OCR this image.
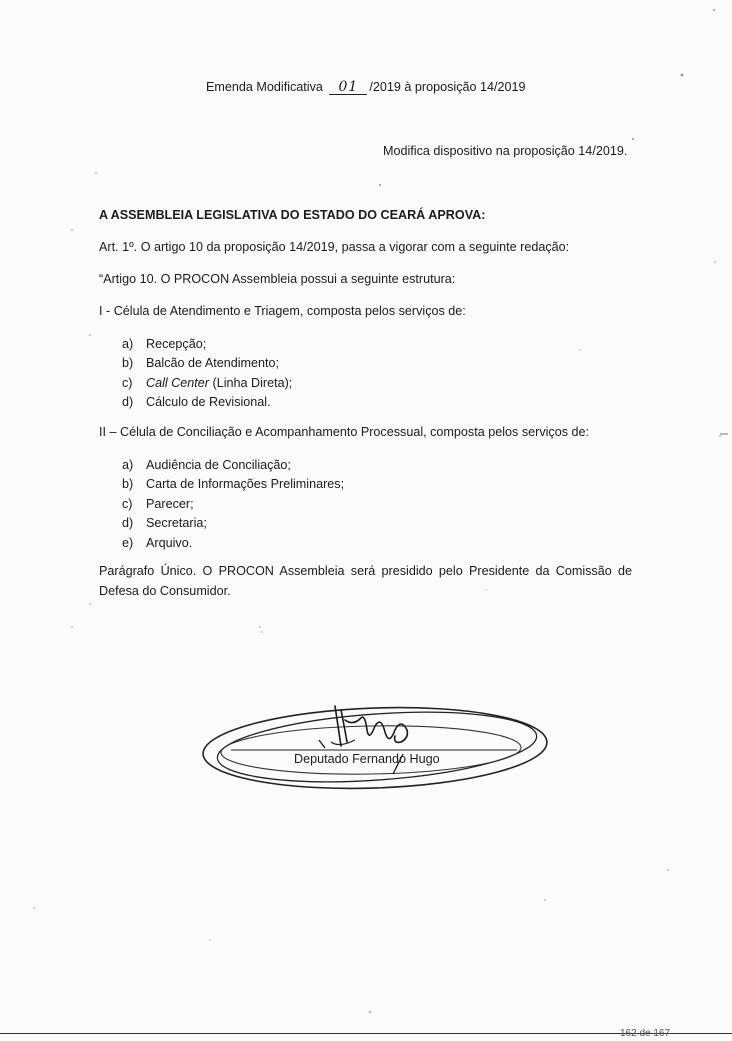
Emenda Modificativa 01 /2019 à proposição 14/2019
Modifica dispositivo na proposição 14/2019.
A ASSEMBLEIA LEGISLATIVA DO ESTADO DO CEARÁ APROVA:
Art. 1º. O artigo 10 da proposição 14/2019, passa a vigorar com a seguinte redação:
“Artigo 10. O PROCON Assembleia possui a seguinte estrutura:
I - Célula de Atendimento e Triagem, composta pelos serviços de:
a) Recepção;
b) Balcão de Atendimento;
c) Call Center (Linha Direta);
d) Cálculo de Revisional.
II – Célula de Conciliação e Acompanhamento Processual, composta pelos serviços de:
a) Audiência de Conciliação;
b) Carta de Informações Preliminares;
c) Parecer;
d) Secretaria;
e) Arquivo.
Parágrafo Único. O PROCON Assembleia será presidido pelo Presidente da Comissão de Defesa do Consumidor.
Deputado Fernando Hugo
162 de 167
